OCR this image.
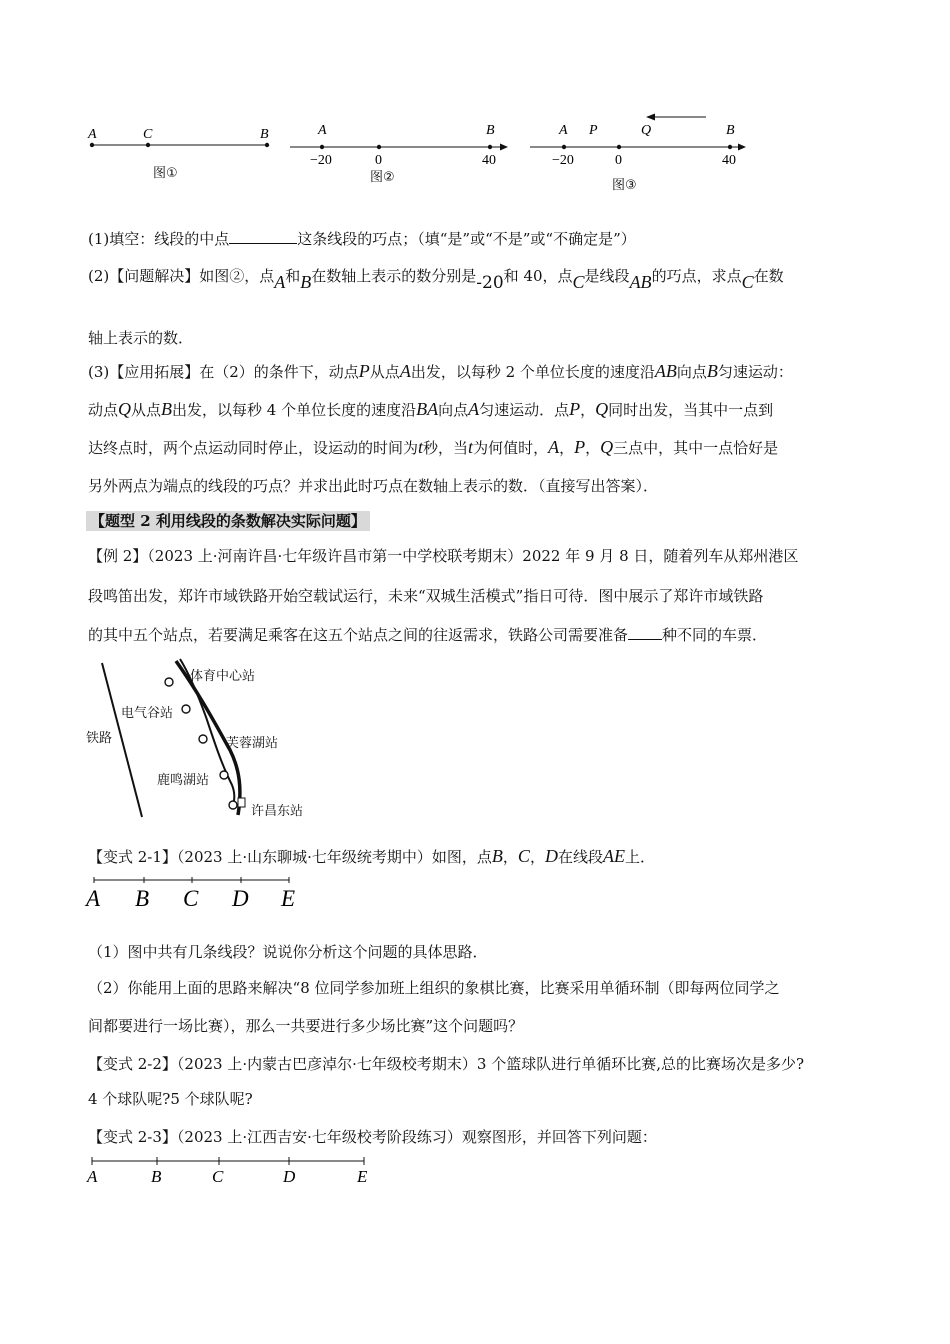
A	C	B
图①
A	B
−20	0	40
图②
A P	Q	B
−20	0	40
图③
(1)填空：线段的中点	这条线段的巧点；（填“是”或“不是”或“不确定是”）
(2)【问题解决】如图②，点A和B在数轴上表示的数分别是-20和 40，点C是线段AB的巧点，求点C在数
轴上表示的数．
(3)【应用拓展】在（2）的条件下，动点P从点A出发，以每秒 2 个单位长度的速度沿AB向点B匀速运动：
动点Q从点B出发，以每秒 4 个单位长度的速度沿BA向点A匀速运动．点P，Q同时出发，当其中一点到
达终点时，两个点运动同时停止，设运动的时间为t秒，当t为何值时，A，P，Q三点中，其中一点恰好是
另外两点为端点的线段的巧点？并求出此时巧点在数轴上表示的数．（直接写出答案）．
【题型 2 利用线段的条数解决实际问题】
【例 2】（2023 上·河南许昌·七年级许昌市第一中学校联考期末）2022 年 9 月 8 日，随着列车从郑州港区
段鸣笛出发，郑许市域铁路开始空载试运行，未来“双城生活模式”指日可待．图中展示了郑许市域铁路
的其中五个站点，若要满足乘客在这五个站点之间的往返需求，铁路公司需要准备 种不同的车票．
铁路
体育中心站
电气谷站
芙蓉湖站
鹿鸣湖站
许昌东站
【变式 2-1】（2023 上·山东聊城·七年级统考期中）如图，点B，C，D在线段AE上．
A B C D E
（1）图中共有几条线段？说说你分析这个问题的具体思路．
（2）你能用上面的思路来解决“8 位同学参加班上组织的象棋比赛，比赛采用单循环制（即每两位同学之
间都要进行一场比赛），那么一共要进行多少场比赛”这个问题吗？
【变式 2-2】（2023 上·内蒙古巴彦淖尔·七年级校考期末）3 个篮球队进行单循环比赛,总的比赛场次是多少?
4 个球队呢?5 个球队呢?
【变式 2-3】（2023 上·江西吉安·七年级校考阶段练习）观察图形，并回答下列问题：
A	B	C	D	E
